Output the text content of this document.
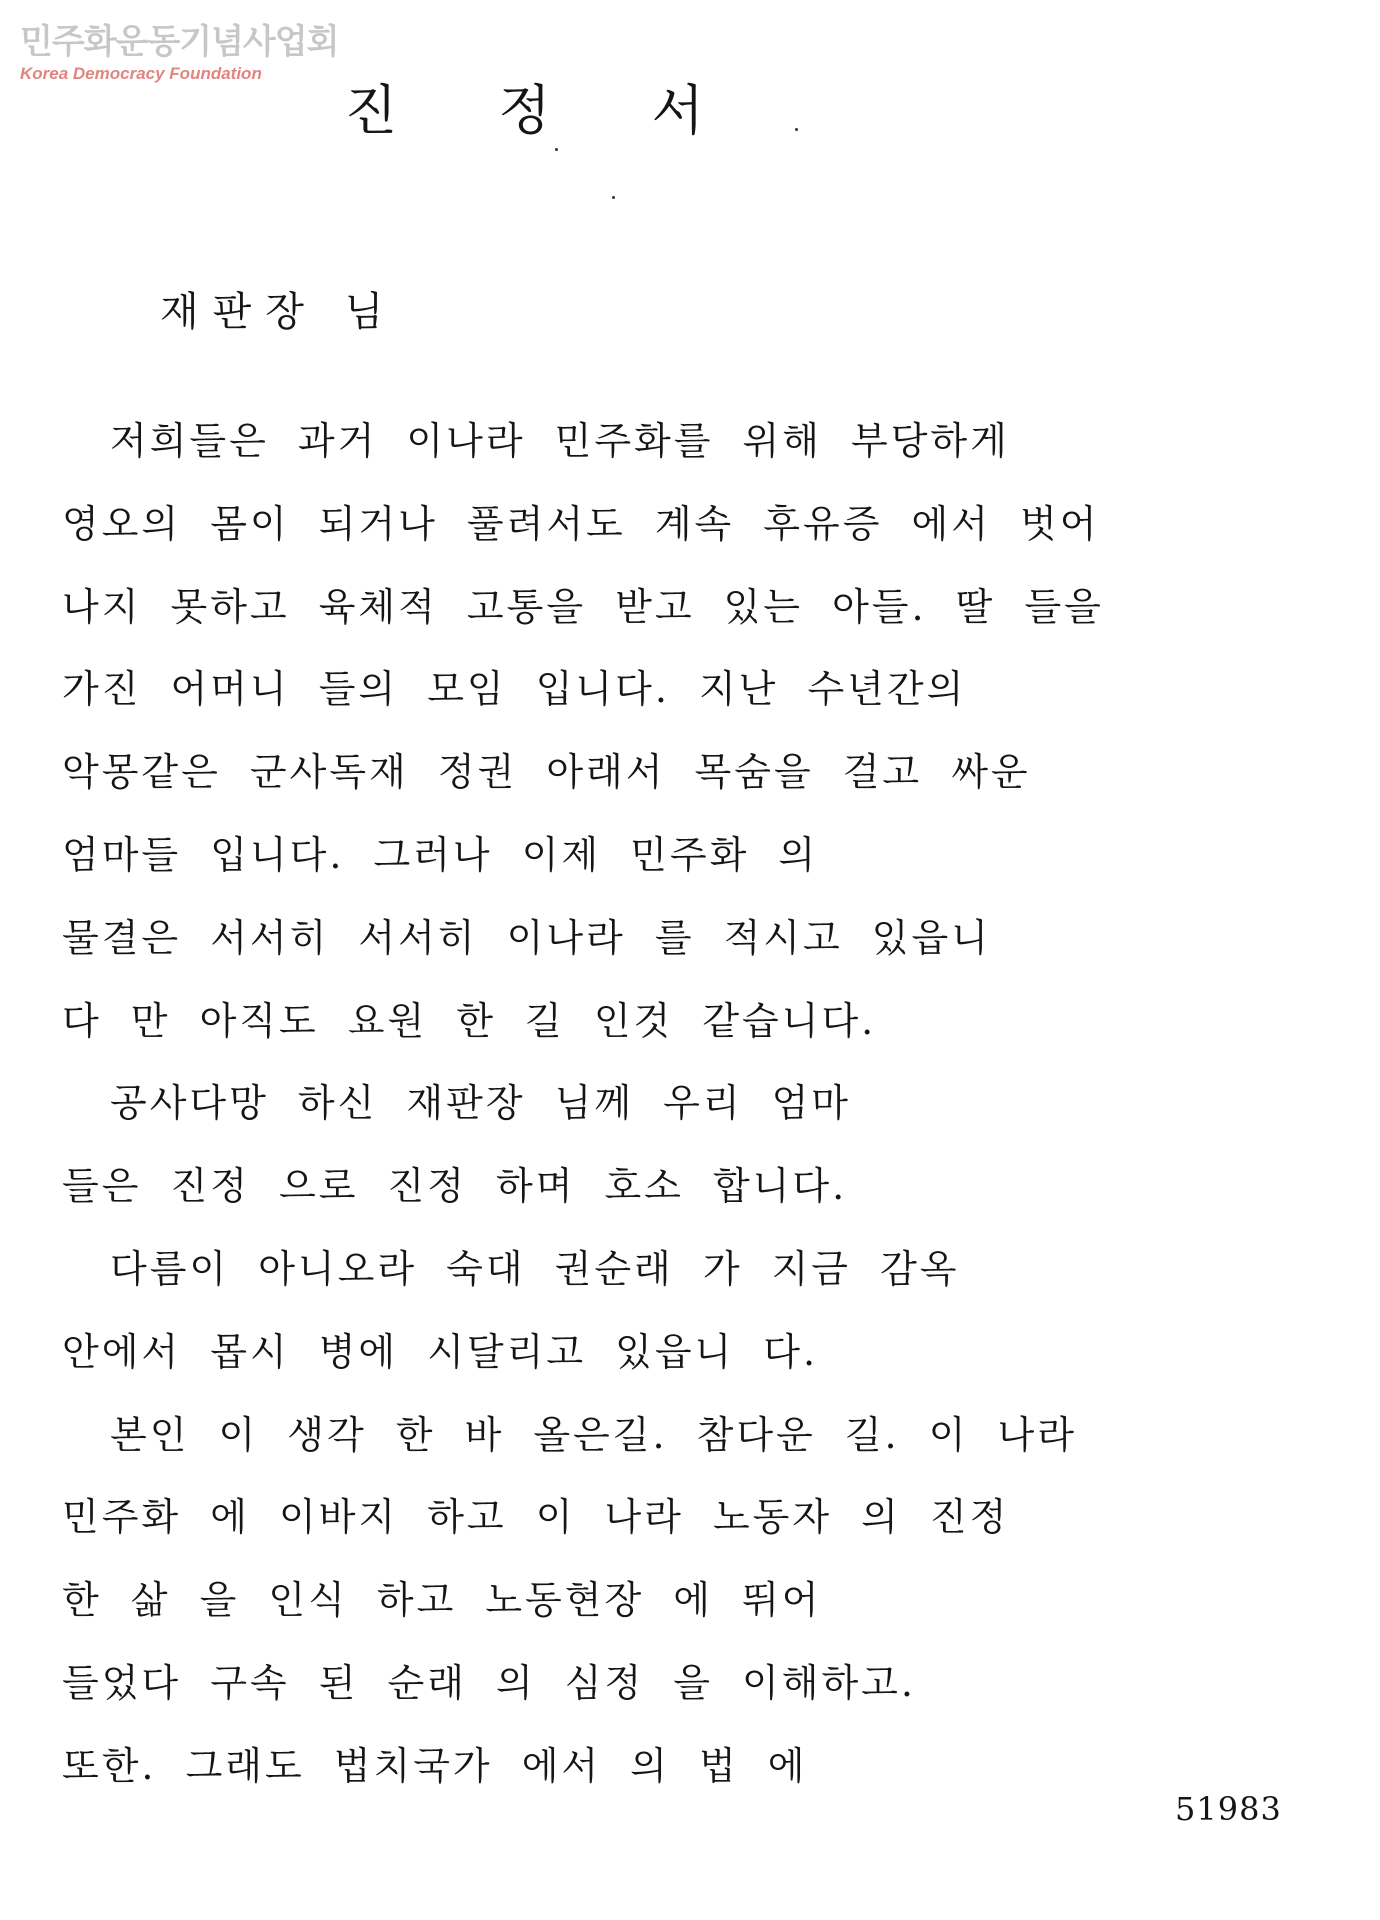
민주화운동기념사업회
Korea Democracy Foundation
진 정 서
재판장 님
저희들은 과거 이나라 민주화를 위해 부당하게
영오의 몸이 되거나 풀려서도 계속 후유증 에서 벗어
나지 못하고 육체적 고통을 받고 있는 아들. 딸 들을
가진 어머니 들의 모임 입니다. 지난 수년간의
악몽같은 군사독재 정권 아래서 목숨을 걸고 싸운
엄마들 입니다. 그러나 이제 민주화 의
물결은 서서히 서서히 이나라 를 적시고 있읍니
다 만 아직도 요원 한 길 인것 같습니다.
공사다망 하신 재판장 님께 우리 엄마
들은 진정 으로 진정 하며 호소 합니다.
다름이 아니오라 숙대 권순래 가 지금 감옥
안에서 몹시 병에 시달리고 있읍니 다.
본인 이 생각 한 바 올은길. 참다운 길. 이 나라
민주화 에 이바지 하고 이 나라 노동자 의 진정
한 삶 을 인식 하고 노동현장 에 뛰어
들었다 구속 된 순래 의 심정 을 이해하고.
또한. 그래도 법치국가 에서 의 법 에
51983
